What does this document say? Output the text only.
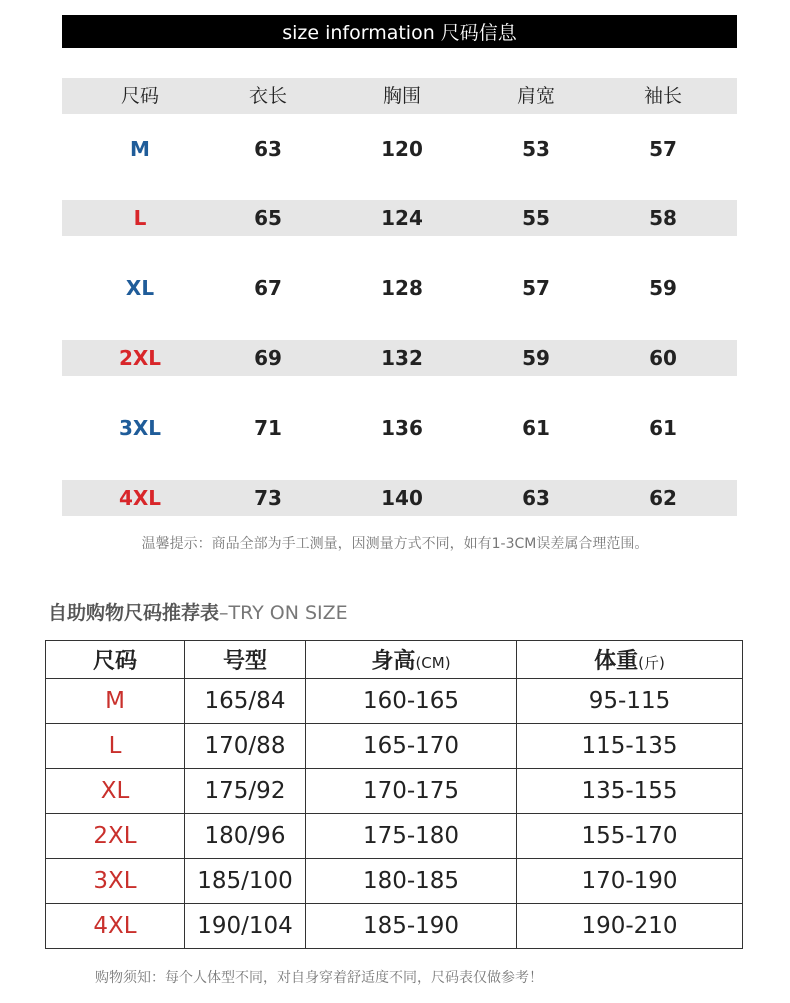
size information 尺码信息
尺码	衣长	胸围	肩宽	袖长
M	63	120	53	57
L	65	124	55	58
XL	67	128	57	59
2XL	69	132	59	60
3XL	71	136	61	61
4XL	73	140	63	62
温馨提示：商品全部为手工测量，因测量方式不同，如有1-3CM误差属合理范围。
自助购物尺码推荐表–TRY ON SIZE
尺码	号型	身高(CM)	体重(斤)
M	165/84	160-165	95-115
L	170/88	165-170	115-135
XL	175/92	170-175	135-155
2XL	180/96	175-180	155-170
3XL	185/100	180-185	170-190
4XL	190/104	185-190	190-210
购物须知：每个人体型不同，对自身穿着舒适度不同，尺码表仅做参考！
